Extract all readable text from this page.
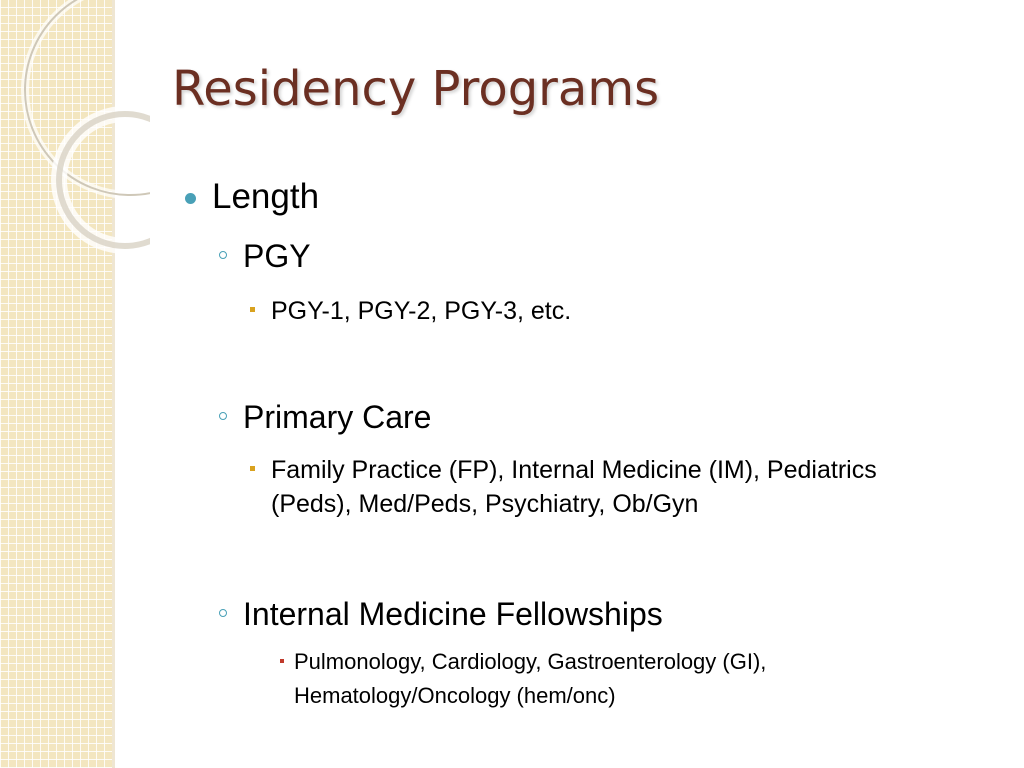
Residency Programs
Length
PGY
PGY-1, PGY-2, PGY-3, etc.
Primary Care
Family Practice (FP), Internal Medicine (IM), Pediatrics (Peds), Med/Peds, Psychiatry, Ob/Gyn
Internal Medicine Fellowships
Pulmonology, Cardiology, Gastroenterology (GI), Hematology/Oncology (hem/onc)
